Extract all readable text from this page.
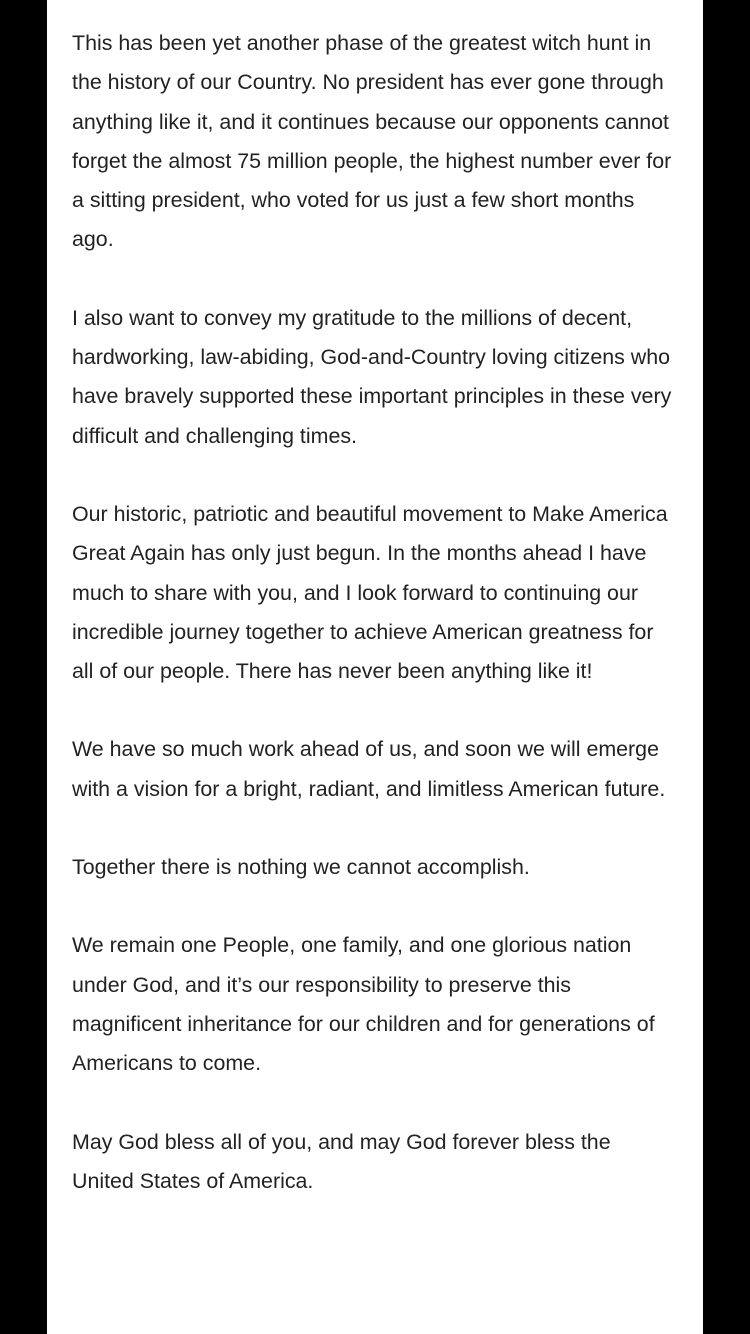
This has been yet another phase of the greatest witch hunt in the history of our Country. No president has ever gone through anything like it, and it continues because our opponents cannot forget the almost 75 million people, the highest number ever for a sitting president, who voted for us just a few short months ago.

I also want to convey my gratitude to the millions of decent, hardworking, law-abiding, God-and-Country loving citizens who have bravely supported these important principles in these very difficult and challenging times.

Our historic, patriotic and beautiful movement to Make America Great Again has only just begun. In the months ahead I have much to share with you, and I look forward to continuing our incredible journey together to achieve American greatness for all of our people. There has never been anything like it!

We have so much work ahead of us, and soon we will emerge with a vision for a bright, radiant, and limitless American future.

Together there is nothing we cannot accomplish.

We remain one People, one family, and one glorious nation under God, and it’s our responsibility to preserve this magnificent inheritance for our children and for generations of Americans to come.

May God bless all of you, and may God forever bless the United States of America.
